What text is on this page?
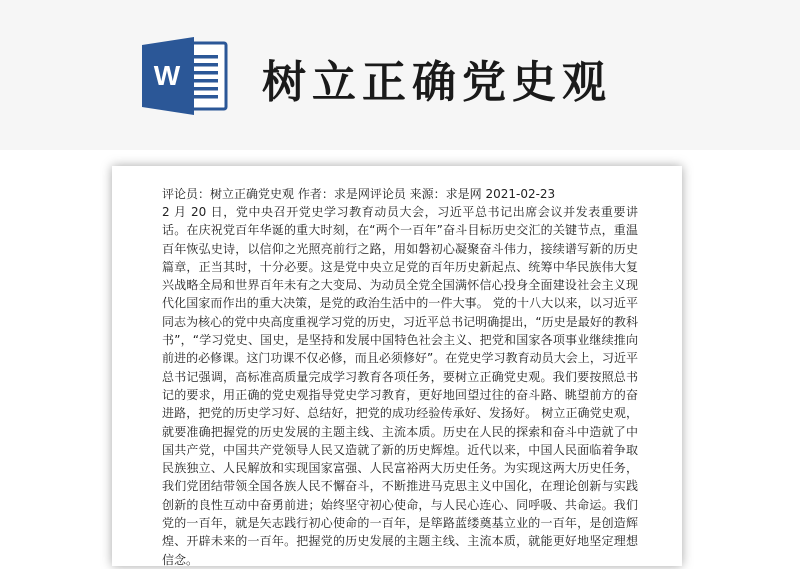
W 树立正确党史观
评论员：树立正确党史观 作者：求是网评论员 来源：求是网 2021-02-23

2 月 20 日，党中央召开党史学习教育动员大会，习近平总书记出席会议并发表重要讲话。在庆祝党百年华诞的重大时刻，在“两个一百年”奋斗目标历史交汇的关键节点，重温百年恢弘史诗，以信仰之光照亮前行之路，用如磐初心凝聚奋斗伟力，接续谱写新的历史篇章，正当其时，十分必要。这是党中央立足党的百年历史新起点、统筹中华民族伟大复兴战略全局和世界百年未有之大变局、为动员全党全国满怀信心投身全面建设社会主义现代化国家而作出的重大决策，是党的政治生活中的一件大事。 党的十八大以来，以习近平同志为核心的党中央高度重视学习党的历史，习近平总书记明确提出，“历史是最好的教科书”，“学习党史、国史，是坚持和发展中国特色社会主义、把党和国家各项事业继续推向前进的必修课。这门功课不仅必修，而且必须修好”。在党史学习教育动员大会上，习近平总书记强调，高标准高质量完成学习教育各项任务，要树立正确党史观。我们要按照总书记的要求，用正确的党史观指导党史学习教育，更好地回望过往的奋斗路、眺望前方的奋进路，把党的历史学习好、总结好，把党的成功经验传承好、发扬好。 树立正确党史观，就要准确把握党的历史发展的主题主线、主流本质。历史在人民的探索和奋斗中造就了中国共产党，中国共产党领导人民又造就了新的历史辉煌。近代以来，中国人民面临着争取民族独立、人民解放和实现国家富强、人民富裕两大历史任务。为实现这两大历史任务，我们党团结带领全国各族人民不懈奋斗，不断推进马克思主义中国化，在理论创新与实践创新的良性互动中奋勇前进；始终坚守初心使命，与人民心连心、同呼吸、共命运。我们党的一百年，就是矢志践行初心使命的一百年，是筚路蓝缕奠基立业的一百年，是创造辉煌、开辟未来的一百年。把握党的历史发展的主题主线、主流本质，就能更好地坚定理想信念。
